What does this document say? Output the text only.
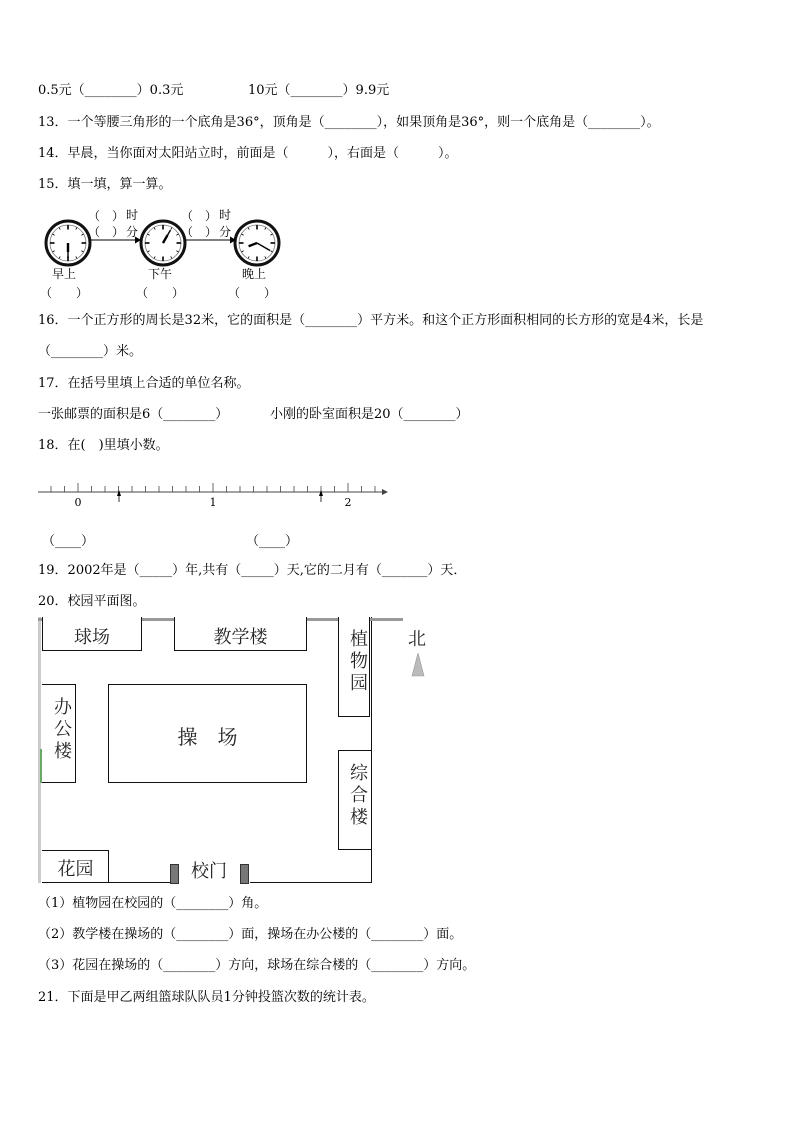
0.5元（________）0.3元	10元（________）9.9元
13．一个等腰三角形的一个底角是36°，顶角是（________），如果顶角是36°，则一个底角是（________）。
14．早晨，当你面对太阳站立时，前面是（　　　），右面是（　　　）。
15．填一填，算一算。
（　） 时
（　） 分
（　） 时
（　） 分
早上	下午	晚上
（　　）	（　　）	（　　）
16．一个正方形的周长是32米，它的面积是（________）平方米。和这个正方形面积相同的长方形的宽是4米，长是
（________）米。
17．在括号里填上合适的单位名称。
一张邮票的面积是6（________）	小刚的卧室面积是20（________）
18．在(　)里填小数。
0	1	2
（____）	（____）
19．2002年是（_____）年,共有（_____）天,它的二月有（_______）天．
20．校园平面图。
球场	教学楼	植物园
办公楼	操　场
综合楼
花园	校门
北
（1）植物园在校园的（________）角。
（2）教学楼在操场的（________）面，操场在办公楼的（________）面。
（3）花园在操场的（________）方向，球场在综合楼的（________）方向。
21．下面是甲乙两组篮球队队员1分钟投篮次数的统计表。
